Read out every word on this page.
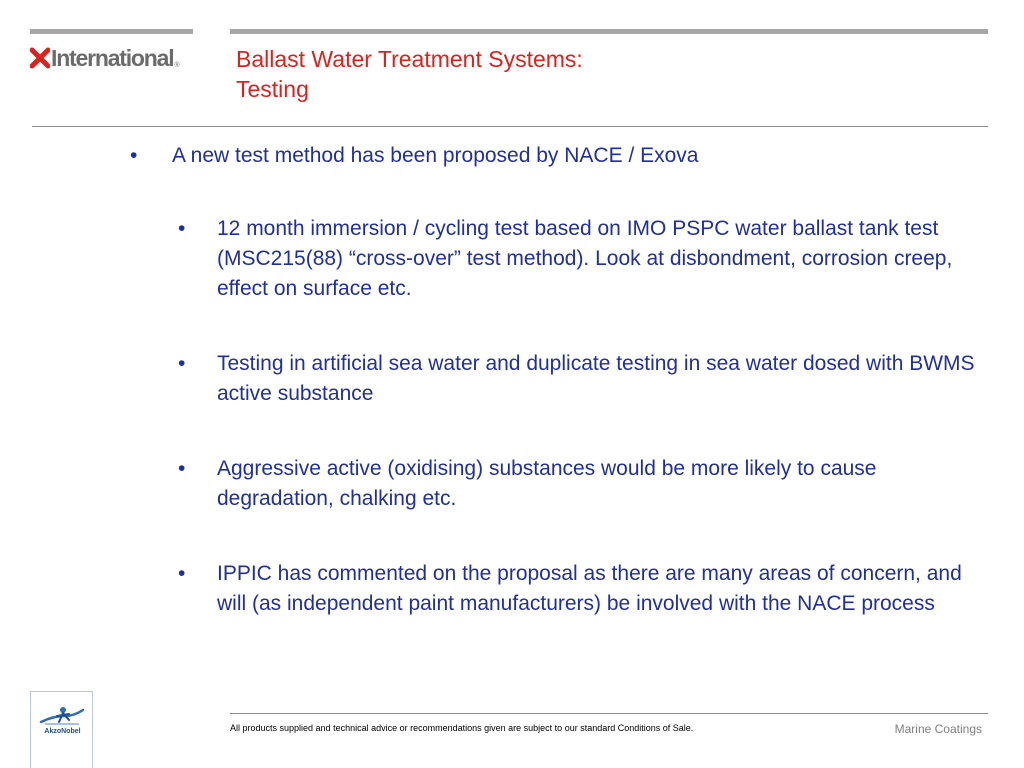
International ® Ballast Water Treatment Systems:
Testing
• A new test method has been proposed by NACE / Exova
•	12 month immersion / cycling test based on IMO PSPC water ballast tank test (MSC215(88) “cross-over” test method). Look at disbondment, corrosion creep, effect on surface etc.
•	Testing in artificial sea water and duplicate testing in sea water dosed with BWMS active substance
•	Aggressive active (oxidising) substances would be more likely to cause degradation, chalking etc.
•	IPPIC has commented on the proposal as there are many areas of concern, and will (as independent paint manufacturers) be involved with the NACE process
AkzoNobel	All products supplied and technical advice or recommendations given are subject to our standard Conditions of Sale.	Marine Coatings
